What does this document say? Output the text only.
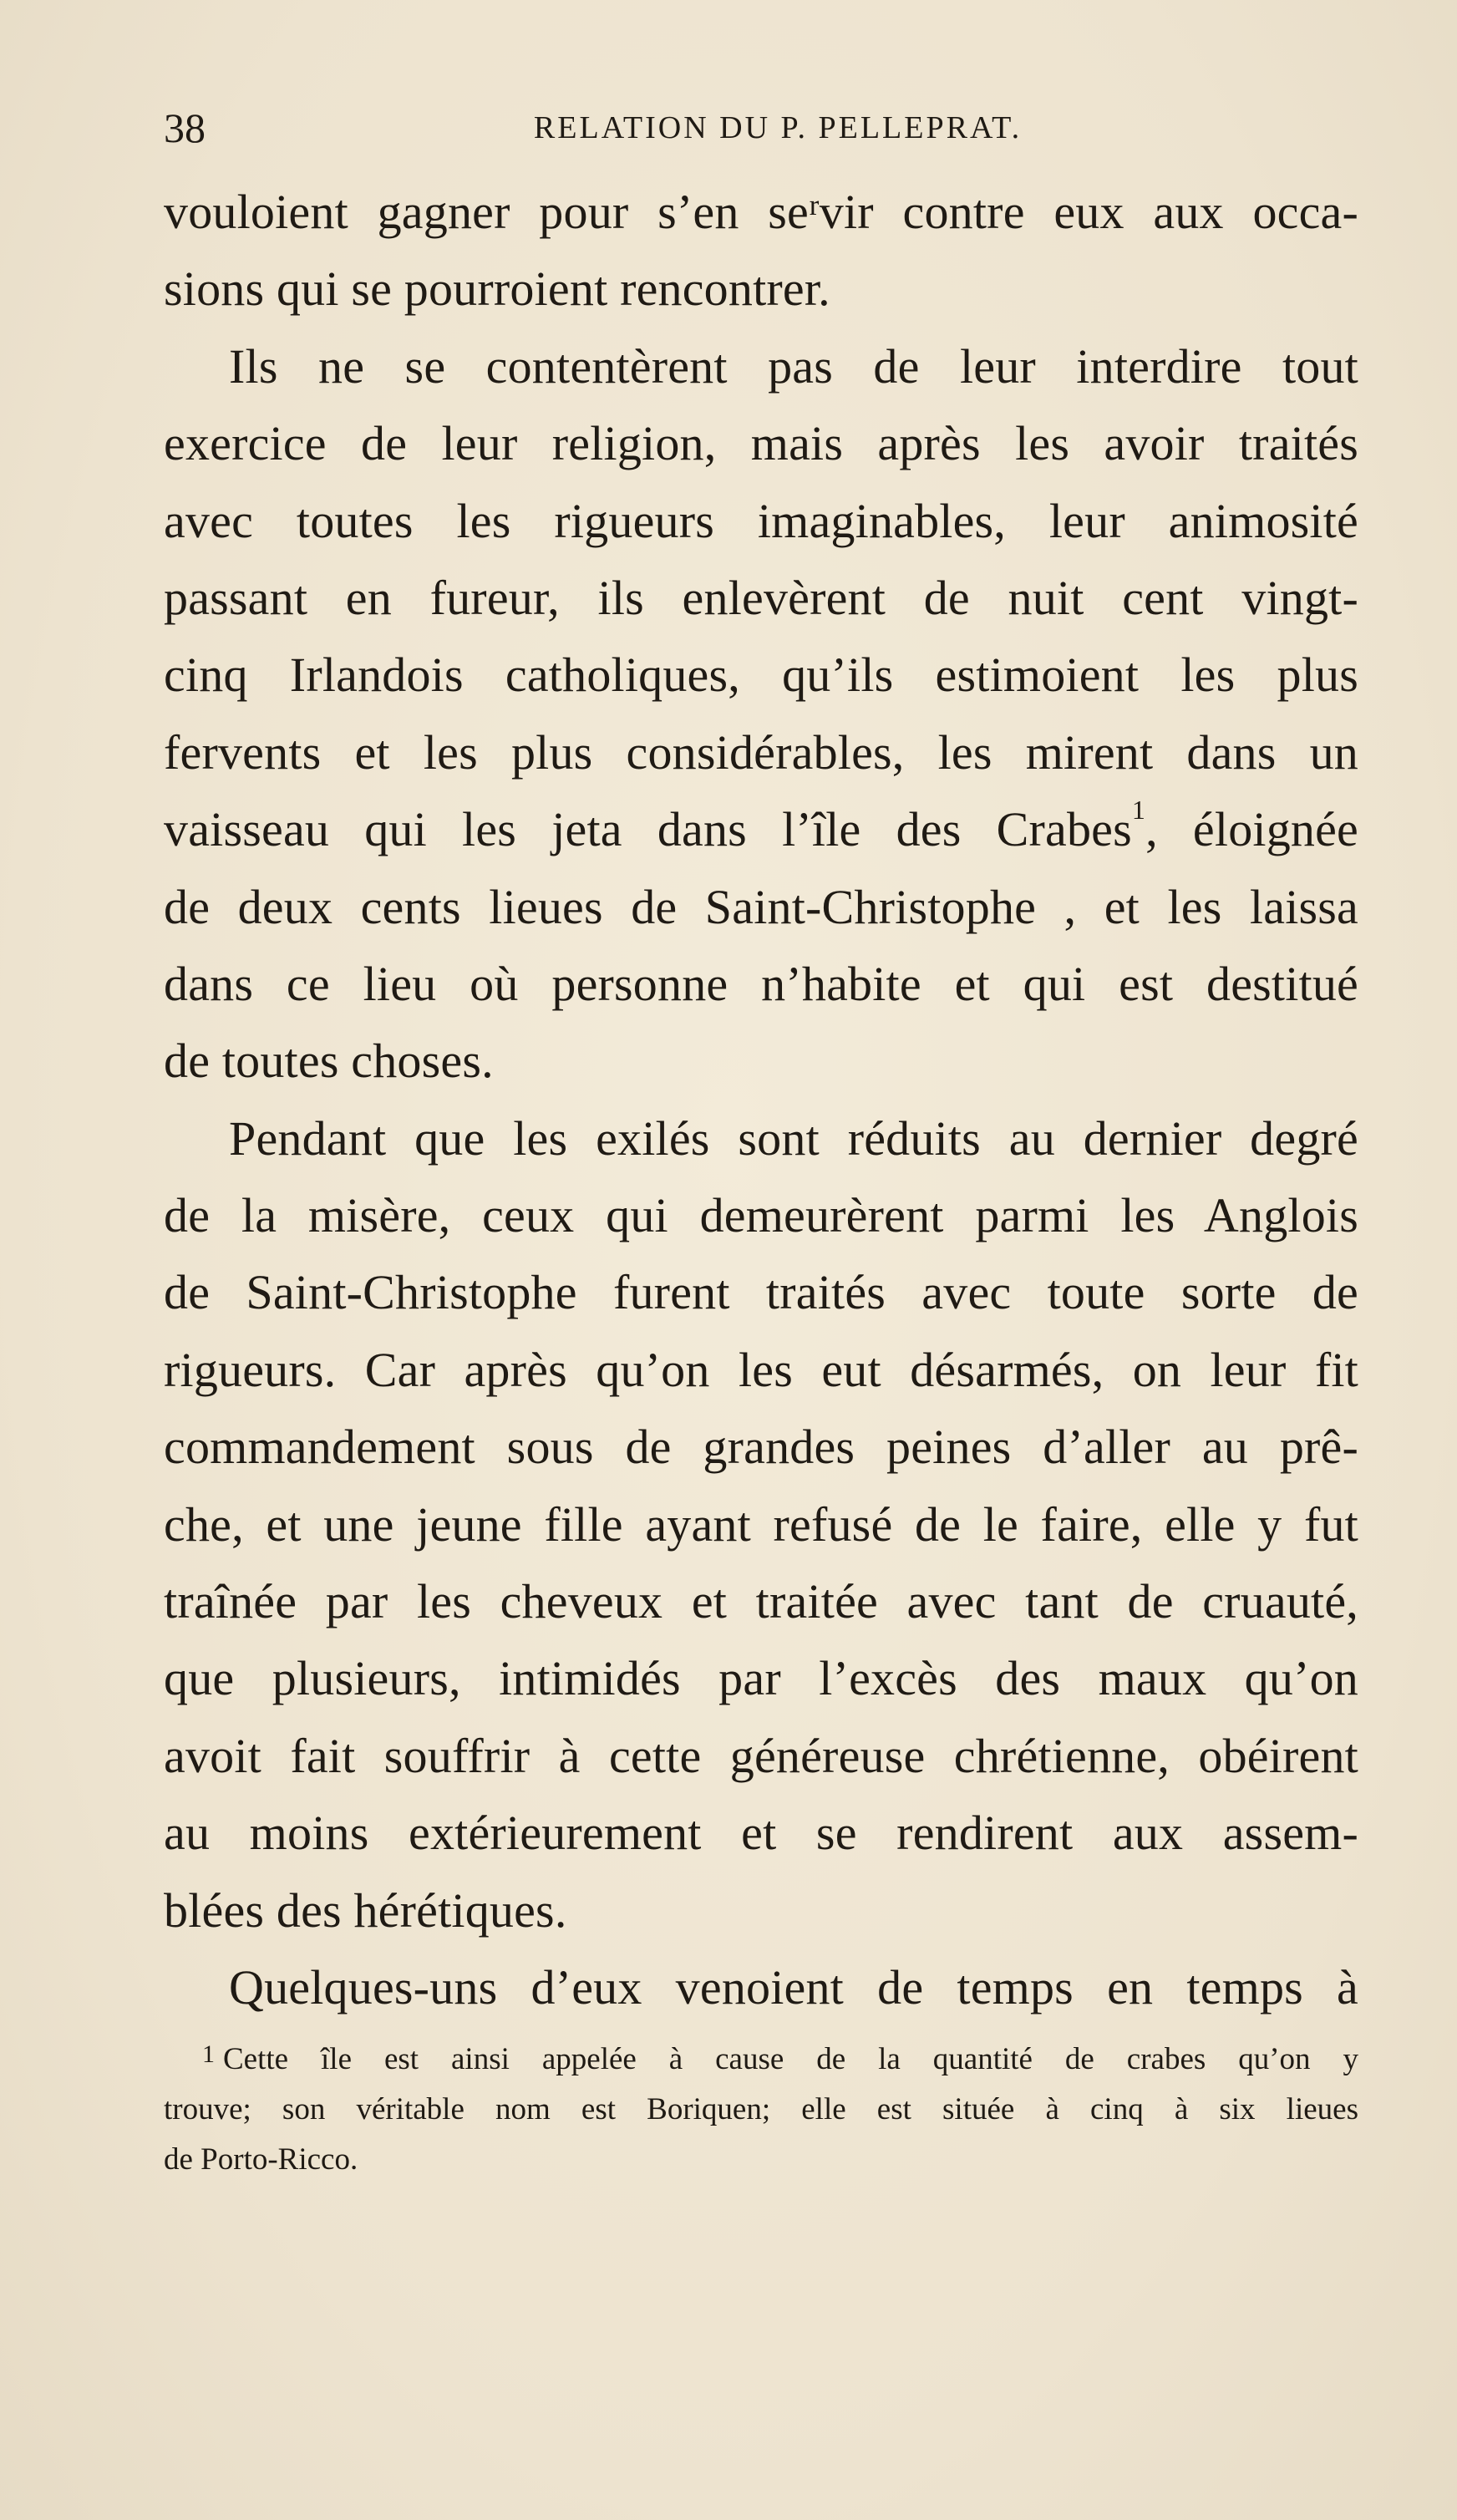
38	RELATION DU P. PELLEPRAT.
vouloient gagner pour s’en seʳvir contre eux aux occa-
sions qui se pourroient rencontrer.
Ils ne se contentèrent pas de leur interdire tout
exercice de leur religion, mais après les avoir traités
avec toutes les rigueurs imaginables, leur animosité
passant en fureur, ils enlevèrent de nuit cent vingt-
cinq Irlandois catholiques, qu’ils estimoient les plus
fervents et les plus considérables, les mirent dans un
vaisseau qui les jeta dans l’île des Crabes$^1$, éloignée
de deux cents lieues de Saint-Christophe , et les laissa
dans ce lieu où personne n’habite et qui est destitué
de toutes choses.
Pendant que les exilés sont réduits au dernier degré
de la misère, ceux qui demeurèrent parmi les Anglois
de Saint-Christophe furent traités avec toute sorte de
rigueurs. Car après qu’on les eut désarmés, on leur fit
commandement sous de grandes peines d’aller au prê-
che, et une jeune fille ayant refusé de le faire, elle y fut
traînée par les cheveux et traitée avec tant de cruauté,
que plusieurs, intimidés par l’excès des maux qu’on
avoit fait souffrir à cette généreuse chrétienne, obéirent
au moins extérieurement et se rendirent aux assem-
blées des hérétiques.
Quelques-uns d’eux venoient de temps en temps à
$^1$ Cette île est ainsi appelée à cause de la quantité de crabes qu’on y
trouve; son véritable nom est Boriquen; elle est située à cinq à six lieues
de Porto-Ricco.
